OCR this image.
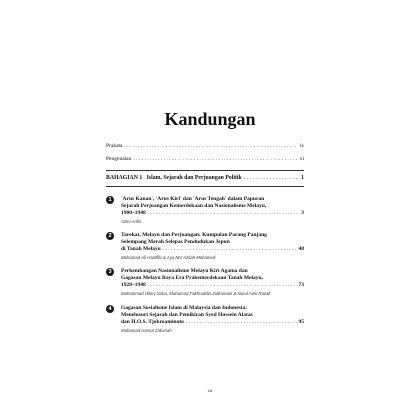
Kandungan
Prakata . . .	ix
Pengenalan . . .	xi
BAHAGIAN 1   Islam, Sejarah dan Perjuangan Politik . . .	1
1	'Arus Kanan', 'Arus Kiri' dan 'Arus Tengah' dalam Papuran
Sejarah Perjuangan Kemerdekaan dan Nasionalisme Melayu,
1900–1948 . . .	3
Azmi Arifin
2	Tarekat, Melayu dan Perjuangan: Kumpulan Parang Panjang
Selempang Merah Selepas Pendudukan Jepun
di Tanah Melayu . . .	48
Mohamad Ali Hanifflo & Aya Nor Azilah Mohamed
3	Perkembangan Nasionalisme Melayu Kiri Agama dan
Gagasan Melayu Raya Era Prakemerdekaan Tanah Melayu,
1928–1948 . . .	73
Muhammad Hilmy Sabu, Muhamad Fakhruddin Zulkarnain & Nurul Aimi Razali
4	Gagasan Sosialisme Islam di Malaysia dan Indonesia:
Menelusuri Sejarah dan Pemikiran Syed Hussein Alatas
dan H.O.S. Tjokroaminoto . . .	95
Muhamad Hasrul Zakariah
vii
